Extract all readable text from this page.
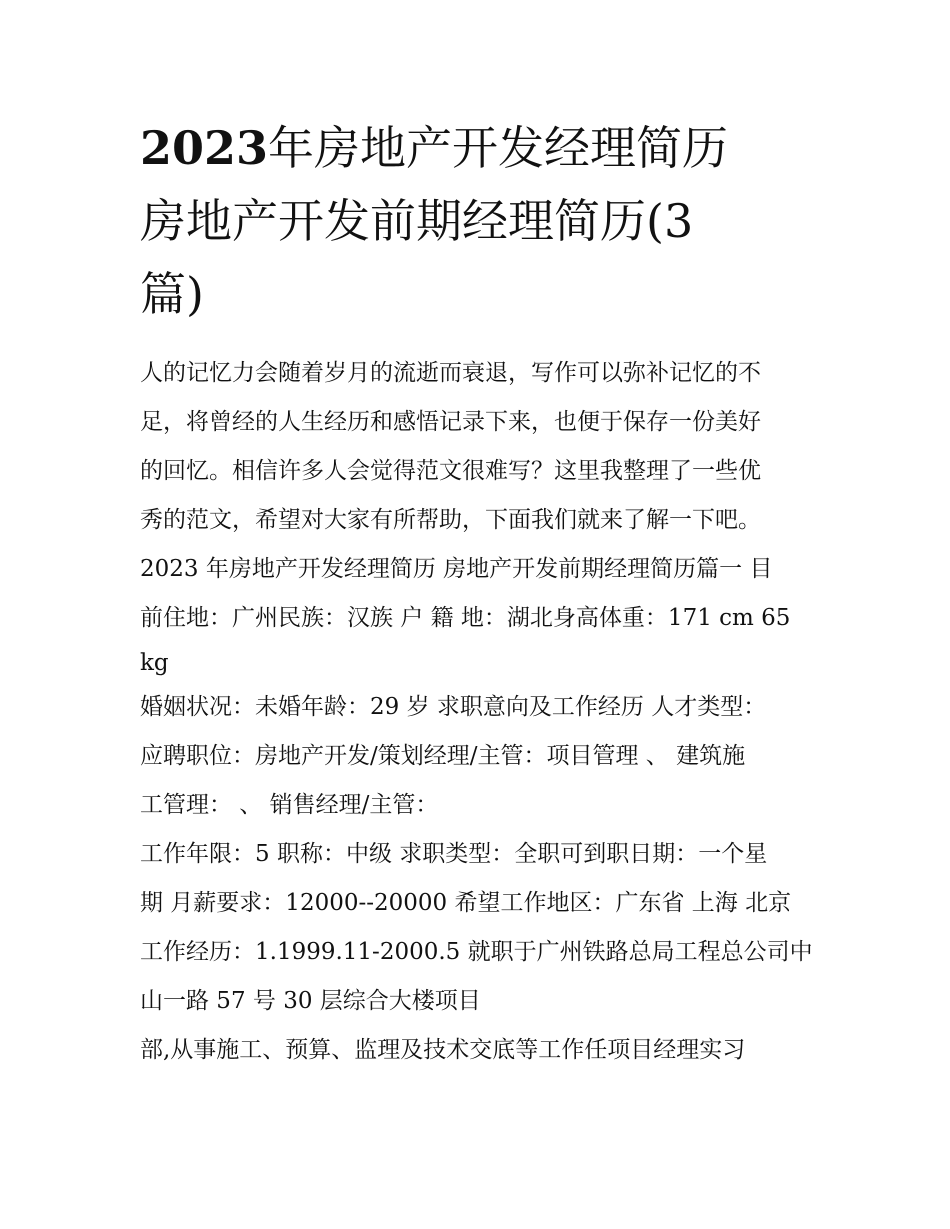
2023年房地产开发经理简历
房地产开发前期经理简历(3
篇)

人的记忆力会随着岁月的流逝而衰退，写作可以弥补记忆的不
足，将曾经的人生经历和感悟记录下来，也便于保存一份美好
的回忆。相信许多人会觉得范文很难写？这里我整理了一些优
秀的范文，希望对大家有所帮助，下面我们就来了解一下吧。

2023 年房地产开发经理简历 房地产开发前期经理简历篇一 目
前住地：广州民族：汉族 户 籍 地：湖北身高体重：171 cm 65
kg

婚姻状况：未婚年龄：29 岁 求职意向及工作经历 人才类型：
应聘职位：房地产开发/策划经理/主管：项目管理 、 建筑施
工管理： 、 销售经理/主管：

工作年限：5 职称：中级 求职类型：全职可到职日期：一个星
期 月薪要求：12000--20000 希望工作地区：广东省 上海 北京
工作经历：1.1999.11-2000.5 就职于广州铁路总局工程总公司中
山一路 57 号 30 层综合大楼项目

部,从事施工、预算、监理及技术交底等工作任项目经理实习
